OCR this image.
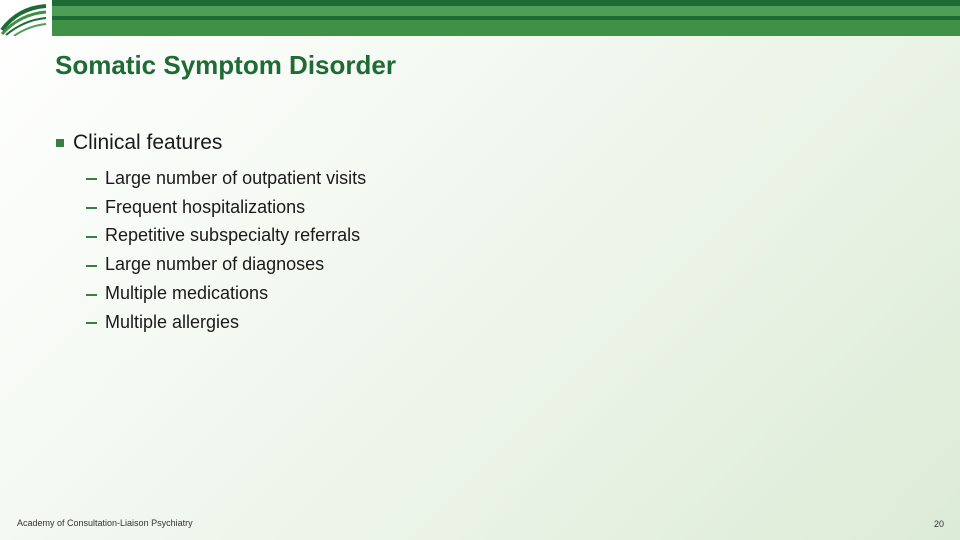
Somatic Symptom Disorder
Clinical features
Large number of outpatient visits
Frequent hospitalizations
Repetitive subspecialty referrals
Large number of diagnoses
Multiple medications
Multiple allergies
Academy of Consultation-Liaison Psychiatry	20
